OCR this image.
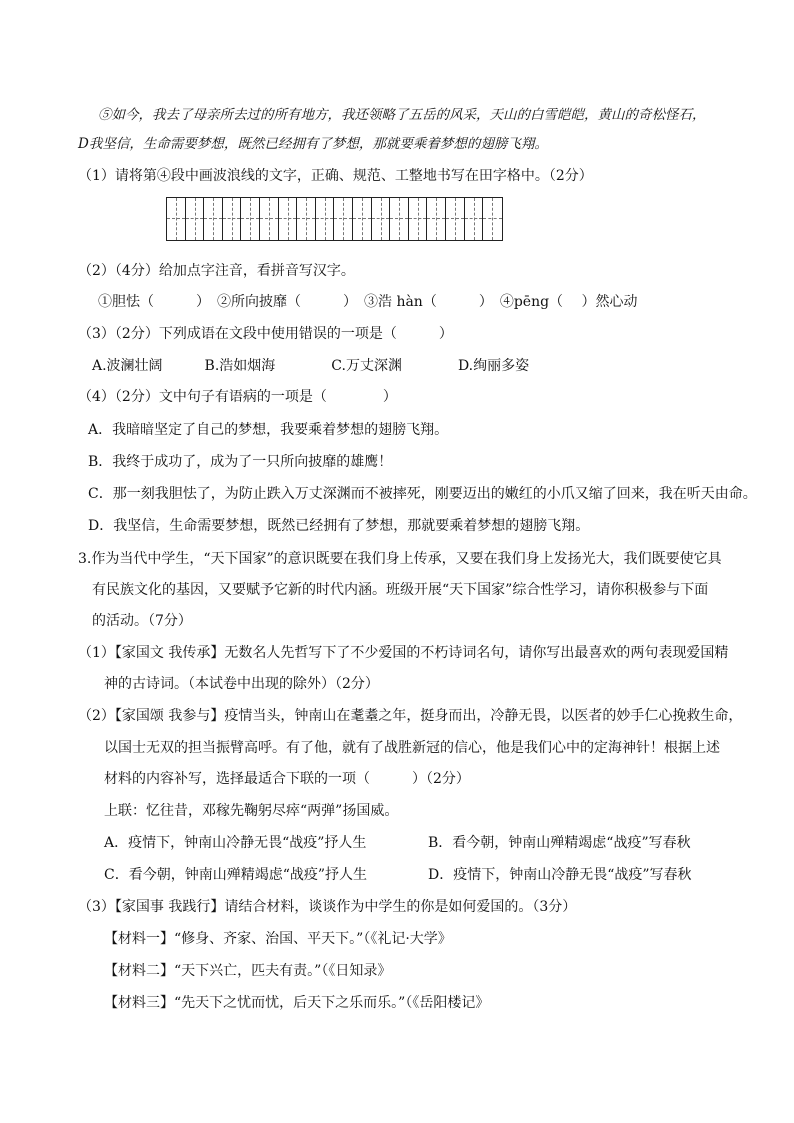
⑤如今，我去了母亲所去过的所有地方，我还领略了五岳的风采，天山的白雪皑皑，黄山的奇松怪石，
D我坚信，生命需要梦想，既然已经拥有了梦想，那就要乘着梦想的翅膀飞翔。
（1）请将第④段中画波浪线的文字，正确、规范、工整地书写在田字格中。（2分）
（2）（4分）给加点字注音，看拼音写汉字。
①胆怯（　　　）　②所向披靡（　　　）　③浩 hàn（　　　）　④pēng（　 ）然心动
（3）（2分）下列成语在文段中使用错误的一项是（　　　）
A.波澜壮阔　　　B.浩如烟海　　　　C.万丈深渊　　　　D.绚丽多姿
（4）（2分）文中句子有语病的一项是（　　　　）
A．我暗暗坚定了自己的梦想，我要乘着梦想的翅膀飞翔。
B．我终于成功了，成为了一只所向披靡的雄鹰！
C．那一刻我胆怯了，为防止跌入万丈深渊而不被摔死，刚要迈出的嫩红的小爪又缩了回来，我在听天由命。
D．我坚信，生命需要梦想，既然已经拥有了梦想，那就要乘着梦想的翅膀飞翔。
3.作为当代中学生，“天下国家”的意识既要在我们身上传承，又要在我们身上发扬光大，我们既要使它具
有民族文化的基因，又要赋予它新的时代内涵。班级开展“天下国家”综合性学习，请你积极参与下面
的活动。（7分）
（1）【家国文 我传承】无数名人先哲写下了不少爱国的不朽诗词名句，请你写出最喜欢的两句表现爱国精
神的古诗词。（本试卷中出现的除外）（2分）
（2）【家国颂 我参与】疫情当头，钟南山在耄耋之年，挺身而出，冷静无畏，以医者的妙手仁心挽救生命，
以国士无双的担当振臂高呼。有了他，就有了战胜新冠的信心，他是我们心中的定海神针！根据上述
材料的内容补写，选择最适合下联的一项（　　　）（2分）
上联：忆往昔，邓稼先鞠躬尽瘁“两弹”扬国威。
A．疫情下，钟南山冷静无畏“战疫”抒人生	B．看今朝，钟南山殚精竭虑“战疫”写春秋
C．看今朝，钟南山殚精竭虑“战疫”抒人生	D．疫情下，钟南山冷静无畏“战疫”写春秋
（3）【家国事 我践行】请结合材料，谈谈作为中学生的你是如何爱国的。（3分）
【材料一】“修身、齐家、治国、平天下。”（《礼记·大学》
【材料二】“天下兴亡，匹夫有责。”（《日知录》
【材料三】“先天下之忧而忧，后天下之乐而乐。”（《岳阳楼记》
